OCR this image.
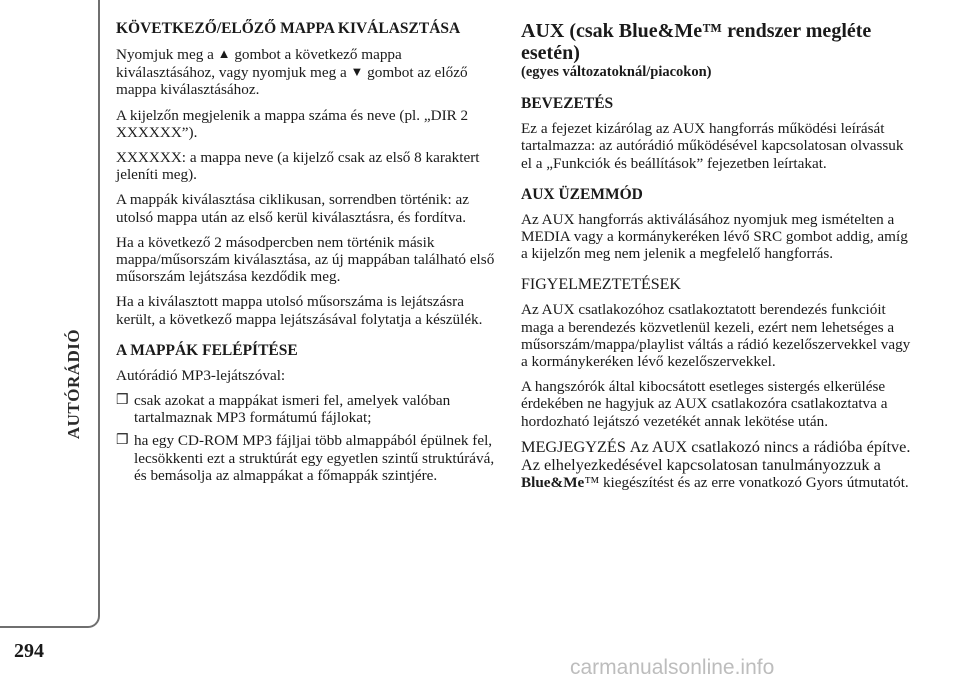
AUTÓRÁDIÓ
294
KÖVETKEZŐ/ELŐZŐ MAPPA KIVÁLASZTÁSA

Nyomjuk meg a ▲ gombot a következő mappa kiválasztásához, vagy nyomjuk meg a ▼ gombot az előző mappa kiválasztásához.

A kijelzőn megjelenik a mappa száma és neve (pl. „DIR 2 XXXXXX”).

XXXXXX: a mappa neve (a kijelző csak az első 8 karaktert jeleníti meg).

A mappák kiválasztása ciklikusan, sorrendben történik: az utolsó mappa után az első kerül kiválasztásra, és fordítva.

Ha a következő 2 másodpercben nem történik másik mappa/műsorszám kiválasztása, az új mappában található első műsorszám lejátszása kezdődik meg.

Ha a kiválasztott mappa utolsó műsorszáma is lejátszásra került, a következő mappa lejátszásával folytatja a készülék.

A MAPPÁK FELÉPÍTÉSE

Autórádió MP3-lejátszóval:

❒ csak azokat a mappákat ismeri fel, amelyek valóban tartalmaznak MP3 formátumú fájlokat;
❒ ha egy CD-ROM MP3 fájljai több almappából épülnek fel, lecsökkenti ezt a struktúrát egy egyetlen szintű struktúrává, és bemásolja az almappákat a főmappák szintjére.
AUX (csak Blue&Me™ rendszer megléte esetén)

(egyes változatoknál/piacokon)

BEVEZETÉS

Ez a fejezet kizárólag az AUX hangforrás működési leírását tartalmazza: az autórádió működésével kapcsolatosan olvassuk el a „Funkciók és beállítások” fejezetben leírtakat.

AUX ÜZEMMÓD

Az AUX hangforrás aktiválásához nyomjuk meg ismételten a MEDIA vagy a kormánykeréken lévő SRC gombot addig, amíg a kijelzőn meg nem jelenik a megfelelő hangforrás.

FIGYELMEZTETÉSEK

Az AUX csatlakozóhoz csatlakoztatott berendezés funkcióit maga a berendezés közvetlenül kezeli, ezért nem lehetséges a műsorszám/mappa/playlist váltás a rádió kezelőszervekkel vagy a kormánykeréken lévő kezelőszervekkel.

A hangszórók által kibocsátott esetleges sistergés elkerülése érdekében ne hagyjuk az AUX csatlakozóra csatlakoztatva a hordozható lejátszó vezetékét annak lekötése után.

MEGJEGYZÉS Az AUX csatlakozó nincs a rádióba építve. Az elhelyezkedésével kapcsolatosan tanulmányozzuk a Blue&Me™ kiegészítést és az erre vonatkozó Gyors útmutatót.

carmanualsonline.info
